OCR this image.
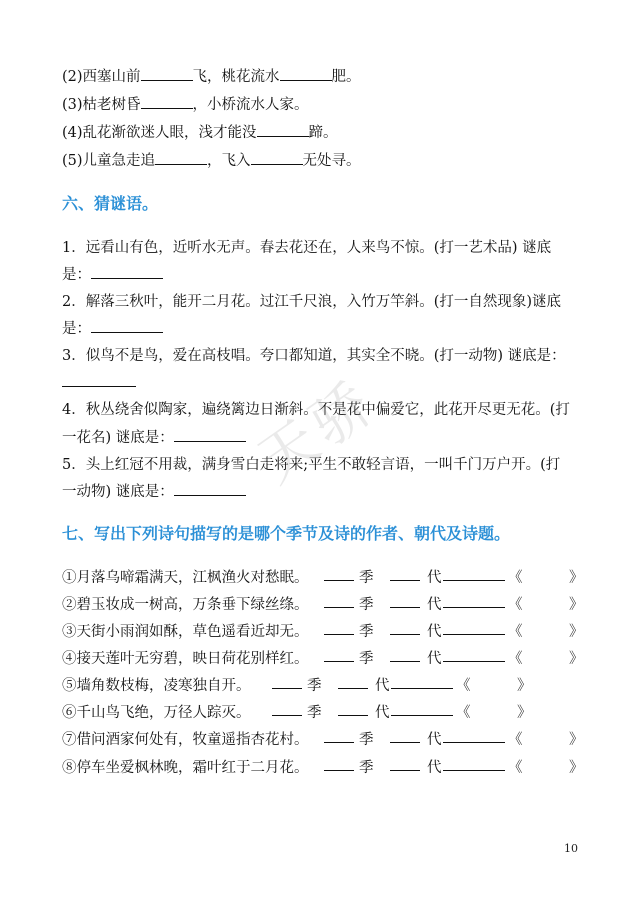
(2)西塞山前	飞，桃花流水	肥。
(3)枯老树昏	，小桥流水人家。
(4)乱花渐欲迷人眼，浅才能没	蹄。
(5)儿童急走追	，飞入	无处寻。
六、猜谜语。
1．远看山有色，近听水无声。春去花还在，人来鸟不惊。(打一艺术品) 谜底
是：
2．解落三秋叶，能开二月花。过江千尺浪，入竹万竿斜。(打一自然现象)谜底
是：
3．似鸟不是鸟，爱在高枝唱。夸口都知道，其实全不晓。(打一动物) 谜底是：
4．秋丛绕舍似陶家，遍绕篱边日渐斜。不是花中偏爱它，此花开尽更无花。(打
一花名) 谜底是：
5．头上红冠不用裁，满身雪白走将来;平生不敢轻言语，一叫千门万户开。(打
一动物) 谜底是：
七、写出下列诗句描写的是哪个季节及诗的作者、朝代及诗题。
①月落乌啼霜满天，江枫渔火对愁眠。	季	代	《	》
②碧玉妆成一树高，万条垂下绿丝绦。	季	代	《	》
③天街小雨润如酥，草色遥看近却无。	季	代	《	》
④接天莲叶无穷碧，映日荷花别样红。	季	代	《	》
⑤墙角数枝梅，凌寒独自开。	季	代	《	》
⑥千山鸟飞绝，万径人踪灭。	季	代	《	》
⑦借问酒家何处有，牧童遥指杏花村。	季	代	《	》
⑧停车坐爱枫林晚，霜叶红于二月花。	季	代	《	》
10
天骄
